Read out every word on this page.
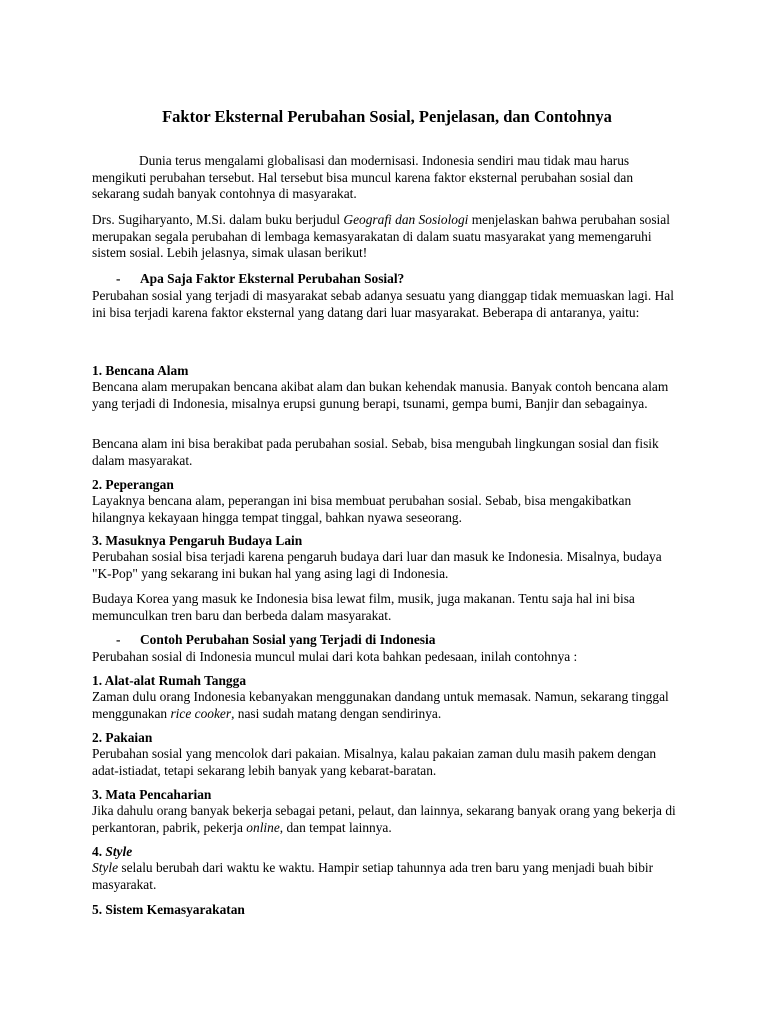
Faktor Eksternal Perubahan Sosial, Penjelasan, dan Contohnya

Dunia terus mengalami globalisasi dan modernisasi. Indonesia sendiri mau tidak mau harus mengikuti perubahan tersebut. Hal tersebut bisa muncul karena faktor eksternal perubahan sosial dan sekarang sudah banyak contohnya di masyarakat.

Drs. Sugiharyanto, M.Si. dalam buku berjudul Geografi dan Sosiologi menjelaskan bahwa perubahan sosial merupakan segala perubahan di lembaga kemasyarakatan di dalam suatu masyarakat yang memengaruhi sistem sosial. Lebih jelasnya, simak ulasan berikut!

- Apa Saja Faktor Eksternal Perubahan Sosial?

Perubahan sosial yang terjadi di masyarakat sebab adanya sesuatu yang dianggap tidak memuaskan lagi. Hal ini bisa terjadi karena faktor eksternal yang datang dari luar masyarakat. Beberapa di antaranya, yaitu:

1. Bencana Alam

Bencana alam merupakan bencana akibat alam dan bukan kehendak manusia. Banyak contoh bencana alam yang terjadi di Indonesia, misalnya erupsi gunung berapi, tsunami, gempa bumi, Banjir dan sebagainya.

Bencana alam ini bisa berakibat pada perubahan sosial. Sebab, bisa mengubah lingkungan sosial dan fisik dalam masyarakat.

2. Peperangan

Layaknya bencana alam, peperangan ini bisa membuat perubahan sosial. Sebab, bisa mengakibatkan hilangnya kekayaan hingga tempat tinggal, bahkan nyawa seseorang.

3. Masuknya Pengaruh Budaya Lain

Perubahan sosial bisa terjadi karena pengaruh budaya dari luar dan masuk ke Indonesia. Misalnya, budaya "K-Pop" yang sekarang ini bukan hal yang asing lagi di Indonesia.

Budaya Korea yang masuk ke Indonesia bisa lewat film, musik, juga makanan. Tentu saja hal ini bisa memunculkan tren baru dan berbeda dalam masyarakat.

- Contoh Perubahan Sosial yang Terjadi di Indonesia

Perubahan sosial di Indonesia muncul mulai dari kota bahkan pedesaan, inilah contohnya :

1. Alat-alat Rumah Tangga

Zaman dulu orang Indonesia kebanyakan menggunakan dandang untuk memasak. Namun, sekarang tinggal menggunakan rice cooker, nasi sudah matang dengan sendirinya.

2. Pakaian

Perubahan sosial yang mencolok dari pakaian. Misalnya, kalau pakaian zaman dulu masih pakem dengan adat-istiadat, tetapi sekarang lebih banyak yang kebarat-baratan.

3. Mata Pencaharian

Jika dahulu orang banyak bekerja sebagai petani, pelaut, dan lainnya, sekarang banyak orang yang bekerja di perkantoran, pabrik, pekerja online, dan tempat lainnya.

4. Style

Style selalu berubah dari waktu ke waktu. Hampir setiap tahunnya ada tren baru yang menjadi buah bibir masyarakat.

5. Sistem Kemasyarakatan
